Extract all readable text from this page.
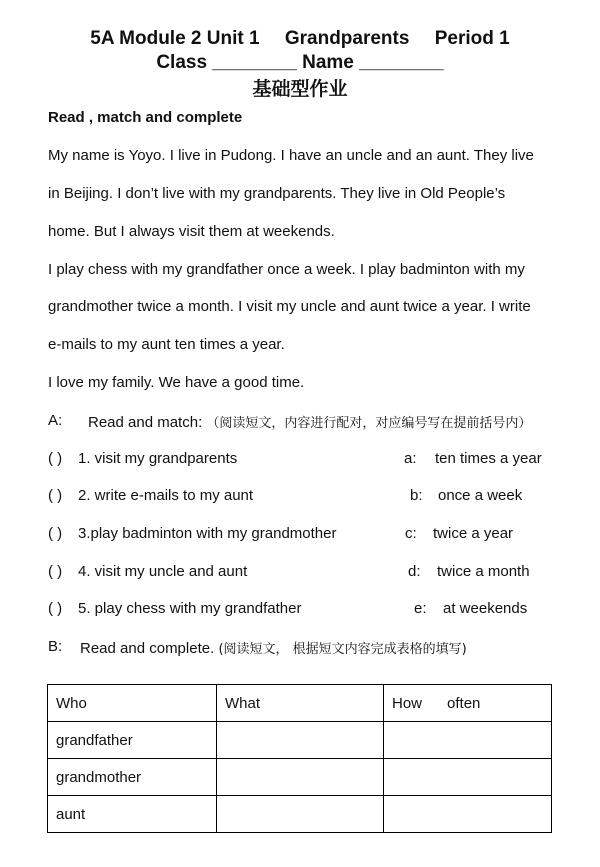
5A Module 2 Unit 1 Grandparents Period 1
Class ________ Name ________
基础型作业
Read , match and complete
My name is Yoyo. I live in Pudong. I have an uncle and an aunt. They live
in Beijing. I don’t live with my grandparents. They live in Old People’s
home. But I always visit them at weekends.
I play chess with my grandfather once a week. I play badminton with my
grandmother twice a month. I visit my uncle and aunt twice a year. I write
e-mails to my aunt ten times a year.
I love my family. We have a good time.
A: Read and match: （阅读短文，内容进行配对，对应编号写在提前括号内）
( ) 1. visit my grandparents	a: ten times a year
( ) 2. write e-mails to my aunt	b: once a week
( ) 3.play badminton with my grandmother	c: twice a year
( ) 4. visit my uncle and aunt	d: twice a month
( ) 5. play chess with my grandfather	e: at weekends
B: Read and complete. (阅读短文， 根据短文内容完成表格的填写)
Who	What	How      often
grandfather		
grandmother		
aunt		
